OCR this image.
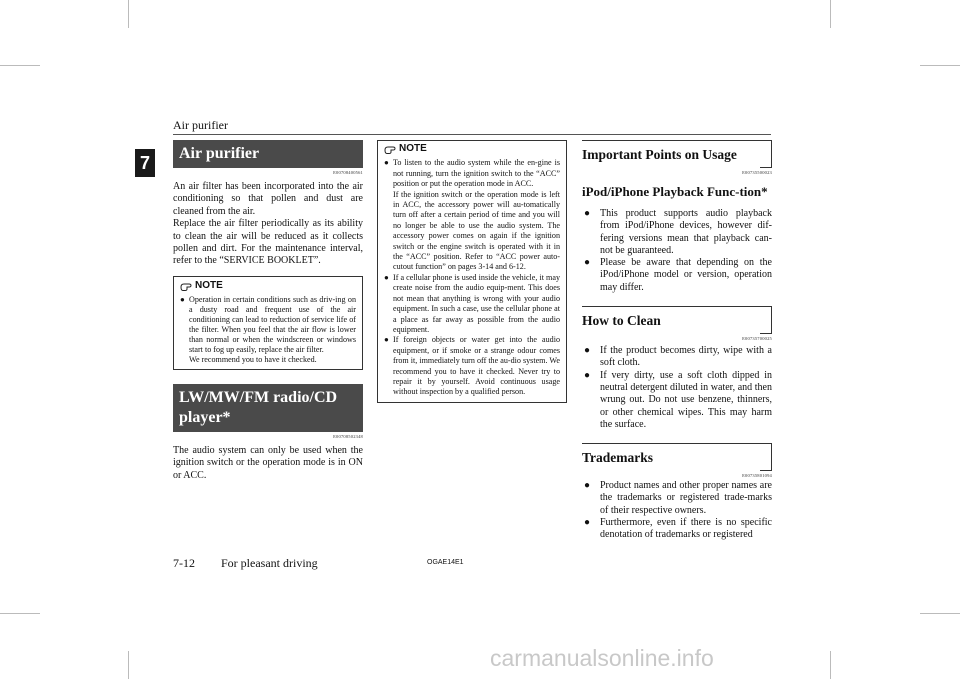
Air purifier
7	Air purifier
E00708400561

An air filter has been incorporated into the air conditioning so that pollen and dust are cleaned from the air.

Replace the air filter periodically as its ability to clean the air will be reduced as it collects pollen and dirt. For the maintenance interval, refer to the “SERVICE BOOKLET”.

NOTE
● Operation in certain conditions such as driv-ing on a dusty road and frequent use of the air conditioning can lead to reduction of service life of the filter. When you feel that the air flow is lower than normal or when the windscreen or windows start to fog up easily, replace the air filter.
We recommend you to have it checked.
LW/MW/FM radio/CD player*
E00708502348

The audio system can only be used when the ignition switch or the operation mode is in ON or ACC.

NOTE
● To listen to the audio system while the en-gine is not running, turn the ignition switch to the “ACC” position or put the operation mode in ACC.
If the ignition switch or the operation mode is left in ACC, the accessory power will au-tomatically turn off after a certain period of time and you will no longer be able to use the audio system. The accessory power comes on again if the ignition switch or the engine switch is operated with it in the “ACC” position. Refer to “ACC power auto-cutout function” on pages 3-14 and 6-12.
● If a cellular phone is used inside the vehicle, it may create noise from the audio equip-ment. This does not mean that anything is wrong with your audio equipment. In such a case, use the cellular phone at a place as far away as possible from the audio equipment.
● If foreign objects or water get into the audio equipment, or if smoke or a strange odour comes from it, immediately turn off the au-dio system. We recommend you to have it checked. Never try to repair it by yourself. Avoid continuous usage without inspection by a qualified person.
Important Points on Usage
E00735500023
iPod/iPhone Playback Func-tion*
● This product supports audio playback from iPod/iPhone devices, however dif-fering versions mean that playback can-not be guaranteed.
● Please be aware that depending on the iPod/iPhone model or version, operation may differ.
How to Clean
E00735700025
● If the product becomes dirty, wipe with a soft cloth.
● If very dirty, use a soft cloth dipped in neutral detergent diluted in water, and then wrung out. Do not use benzene, thinners, or other chemical wipes. This may harm the surface.
Trademarks
E00735801094
● Product names and other proper names are the trademarks or registered trade-marks of their respective owners.
● Furthermore, even if there is no specific denotation of trademarks or registered
7-12 For pleasant driving	OGAE14E1
carmanualsonline.info
